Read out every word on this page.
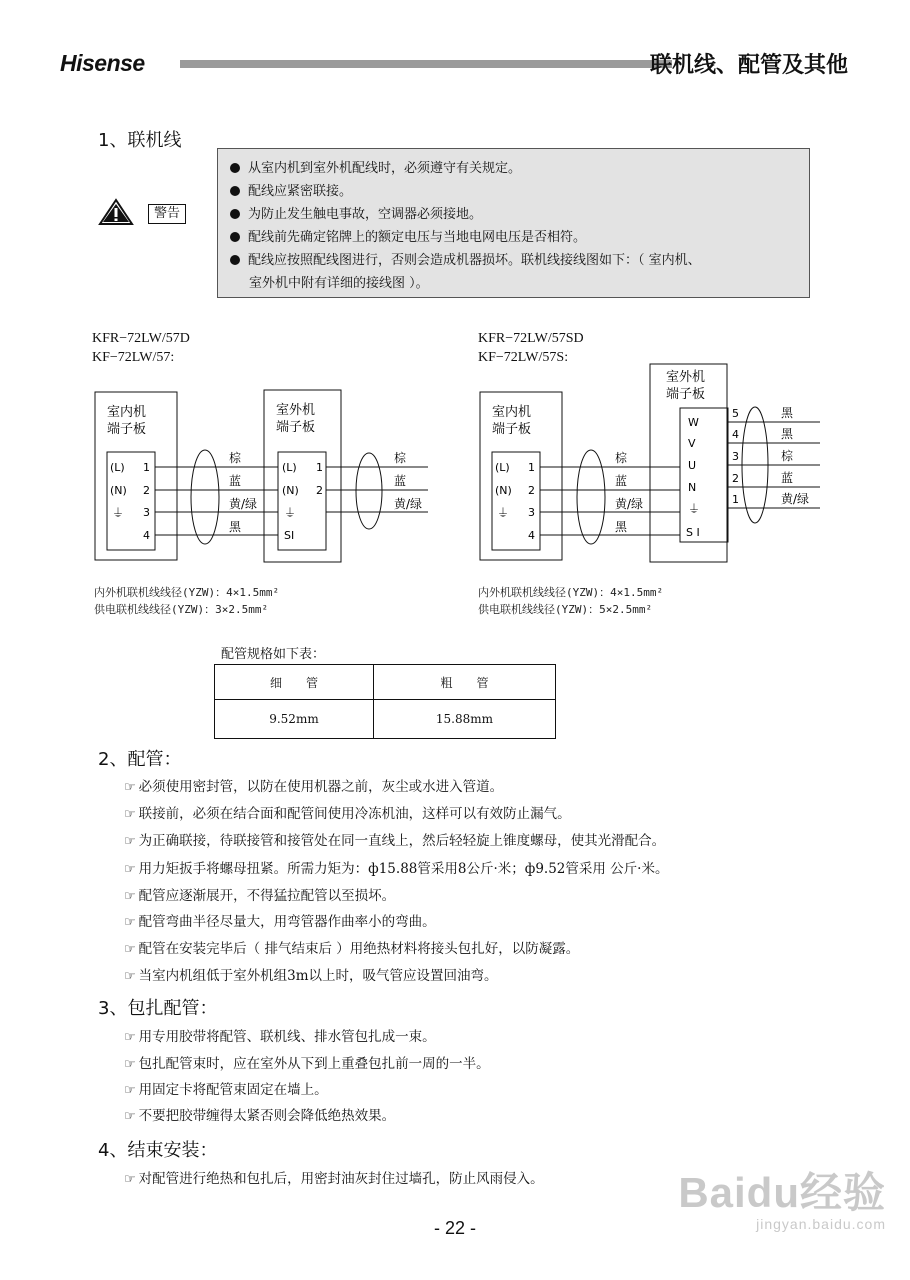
Hisense	联机线、配管及其他
1、联机线
警告
从室内机到室外机配线时，必须遵守有关规定。
配线应紧密联接。
为防止发生触电事故，空调器必须接地。
配线前先确定铭牌上的额定电压与当地电网电压是否相符。
配线应按照配线图进行，否则会造成机器损坏。联机线接线图如下：（ 室内机、
室外机中附有详细的接线图 ）。
KFR−72LW/57D
KF−72LW/57:
室内机
端子板
室外机
端子板
(L)
(N)
⏚
1
2
3
4
(L)
(N)
⏚
SI
1
2
棕
蓝
黄/绿
黑
棕
蓝
黄/绿
内外机联机线线径(YZW)：4×1.5mm²
供电联机线线径(YZW)：3×2.5mm²
KFR−72LW/57SD
KF−72LW/57S:
室内机
端子板
室外机
端子板
(L)
(N)
⏚
1
2
3
4
W
V
U
N
⏚
S I
5
4
3
2
1
棕
蓝
黄/绿
黑
黑
黑
棕
蓝
黄/绿
内外机联机线线径(YZW)：4×1.5mm²
供电联机线线径(YZW)：5×2.5mm²
配管规格如下表：
细　　管	粗　　管
9.52mm	15.88mm
2、配管：
☞ 必须使用密封管，以防在使用机器之前，灰尘或水进入管道。
☞ 联接前，必须在结合面和配管间使用冷冻机油，这样可以有效防止漏气。
☞ 为正确联接，待联接管和接管处在同一直线上，然后轻轻旋上锥度螺母，使其光滑配合。
☞ 用力矩扳手将螺母扭紧。所需力矩为：ф15.88管采用8公斤·米；ф9.52管采用 公斤·米。
☞ 配管应逐渐展开，不得猛拉配管以至损坏。
☞ 配管弯曲半径尽量大，用弯管器作曲率小的弯曲。
☞ 配管在安装完毕后（ 排气结束后 ）用绝热材料将接头包扎好，以防凝露。
☞ 当室内机组低于室外机组3m以上时，吸气管应设置回油弯。
3、包扎配管：
☞ 用专用胶带将配管、联机线、排水管包扎成一束。
☞ 包扎配管束时，应在室外从下到上重叠包扎前一周的一半。
☞ 用固定卡将配管束固定在墙上。
☞ 不要把胶带缠得太紧否则会降低绝热效果。
4、结束安装：
☞ 对配管进行绝热和包扎后，用密封油灰封住过墙孔，防止风雨侵入。
- 22 -
Baidu经验
jingyan.baidu.com
